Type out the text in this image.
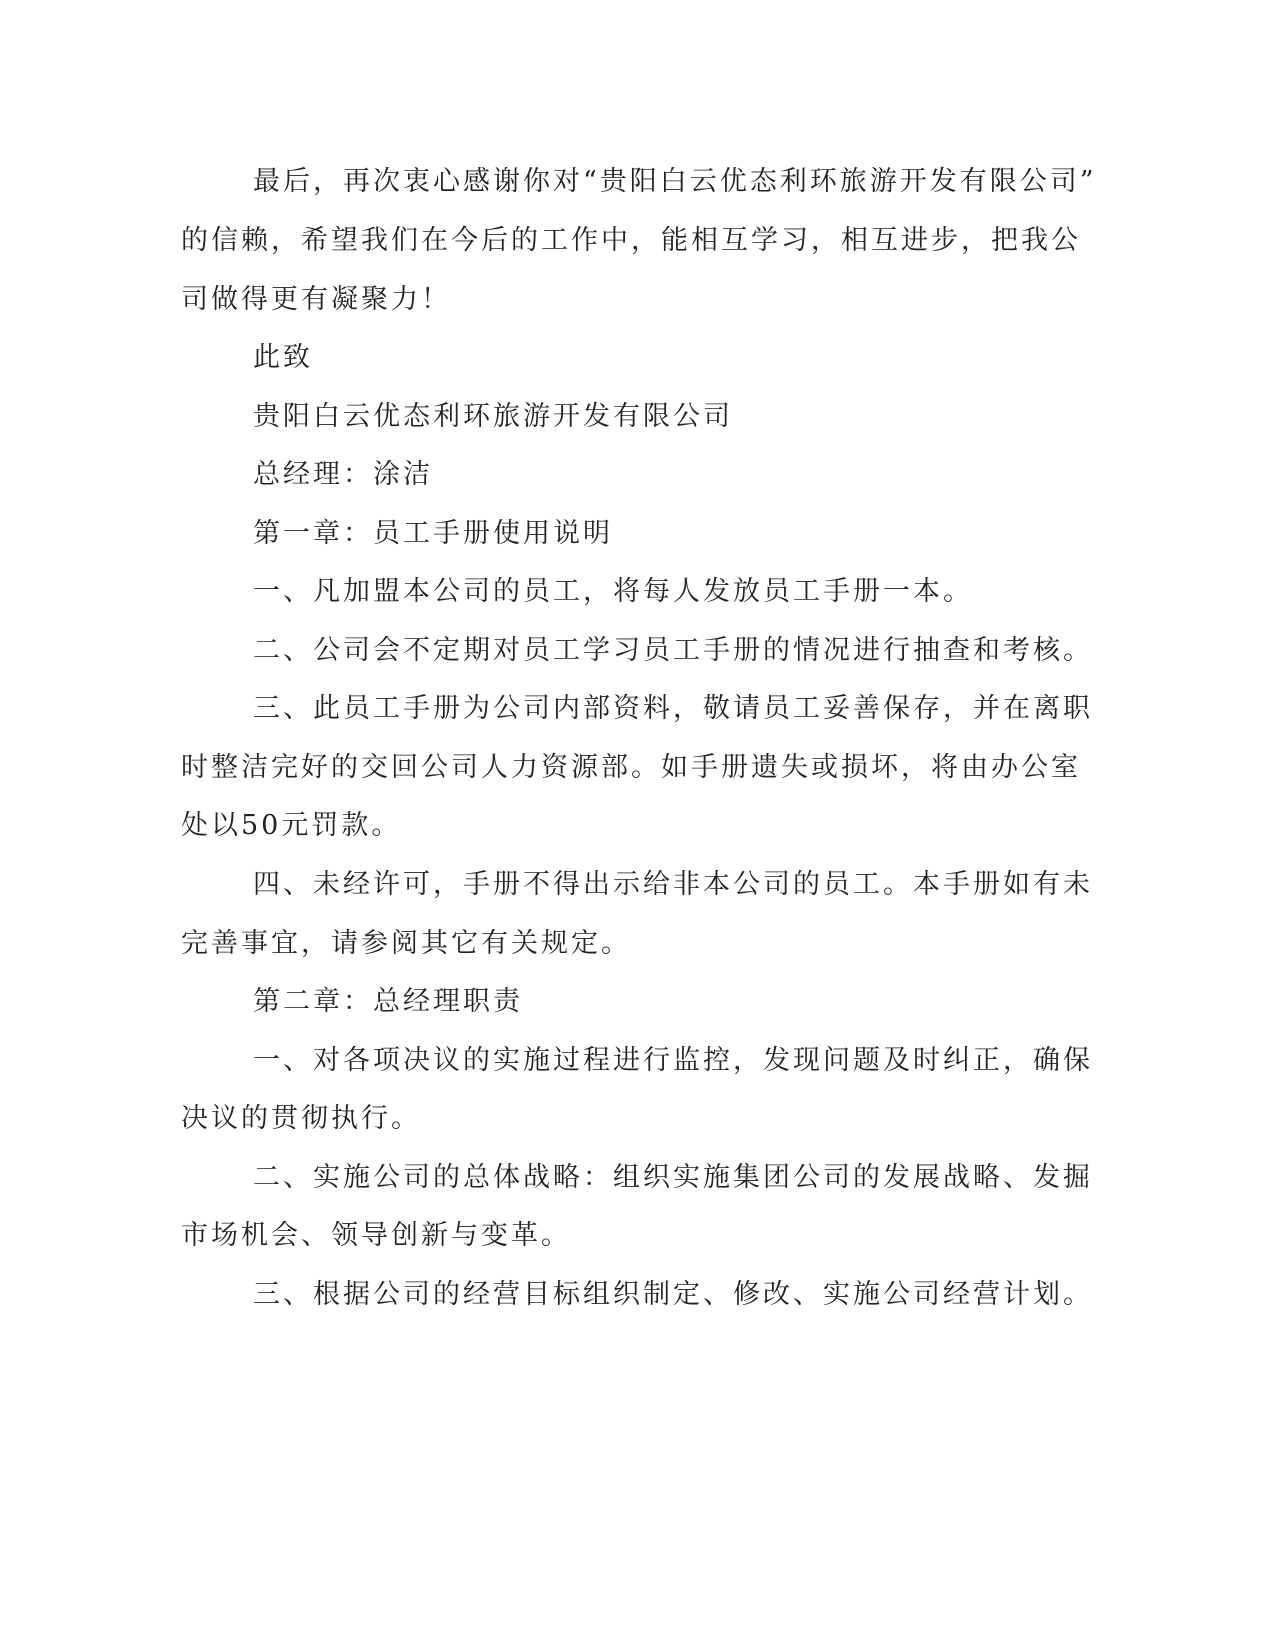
最后，再次衷心感谢你对“贵阳白云优态利环旅游开发有限公司”
的信赖，希望我们在今后的工作中，能相互学习，相互进步，把我公
司做得更有凝聚力！
此致
贵阳白云优态利环旅游开发有限公司
总经理：涂洁
第一章：员工手册使用说明
一、凡加盟本公司的员工，将每人发放员工手册一本。
二、公司会不定期对员工学习员工手册的情况进行抽查和考核。
三、此员工手册为公司内部资料，敬请员工妥善保存，并在离职
时整洁完好的交回公司人力资源部。如手册遗失或损坏，将由办公室
处以50元罚款。
四、未经许可，手册不得出示给非本公司的员工。本手册如有未
完善事宜，请参阅其它有关规定。
第二章：总经理职责
一、对各项决议的实施过程进行监控，发现问题及时纠正，确保
决议的贯彻执行。
二、实施公司的总体战略：组织实施集团公司的发展战略、发掘
市场机会、领导创新与变革。
三、根据公司的经营目标组织制定、修改、实施公司经营计划。
